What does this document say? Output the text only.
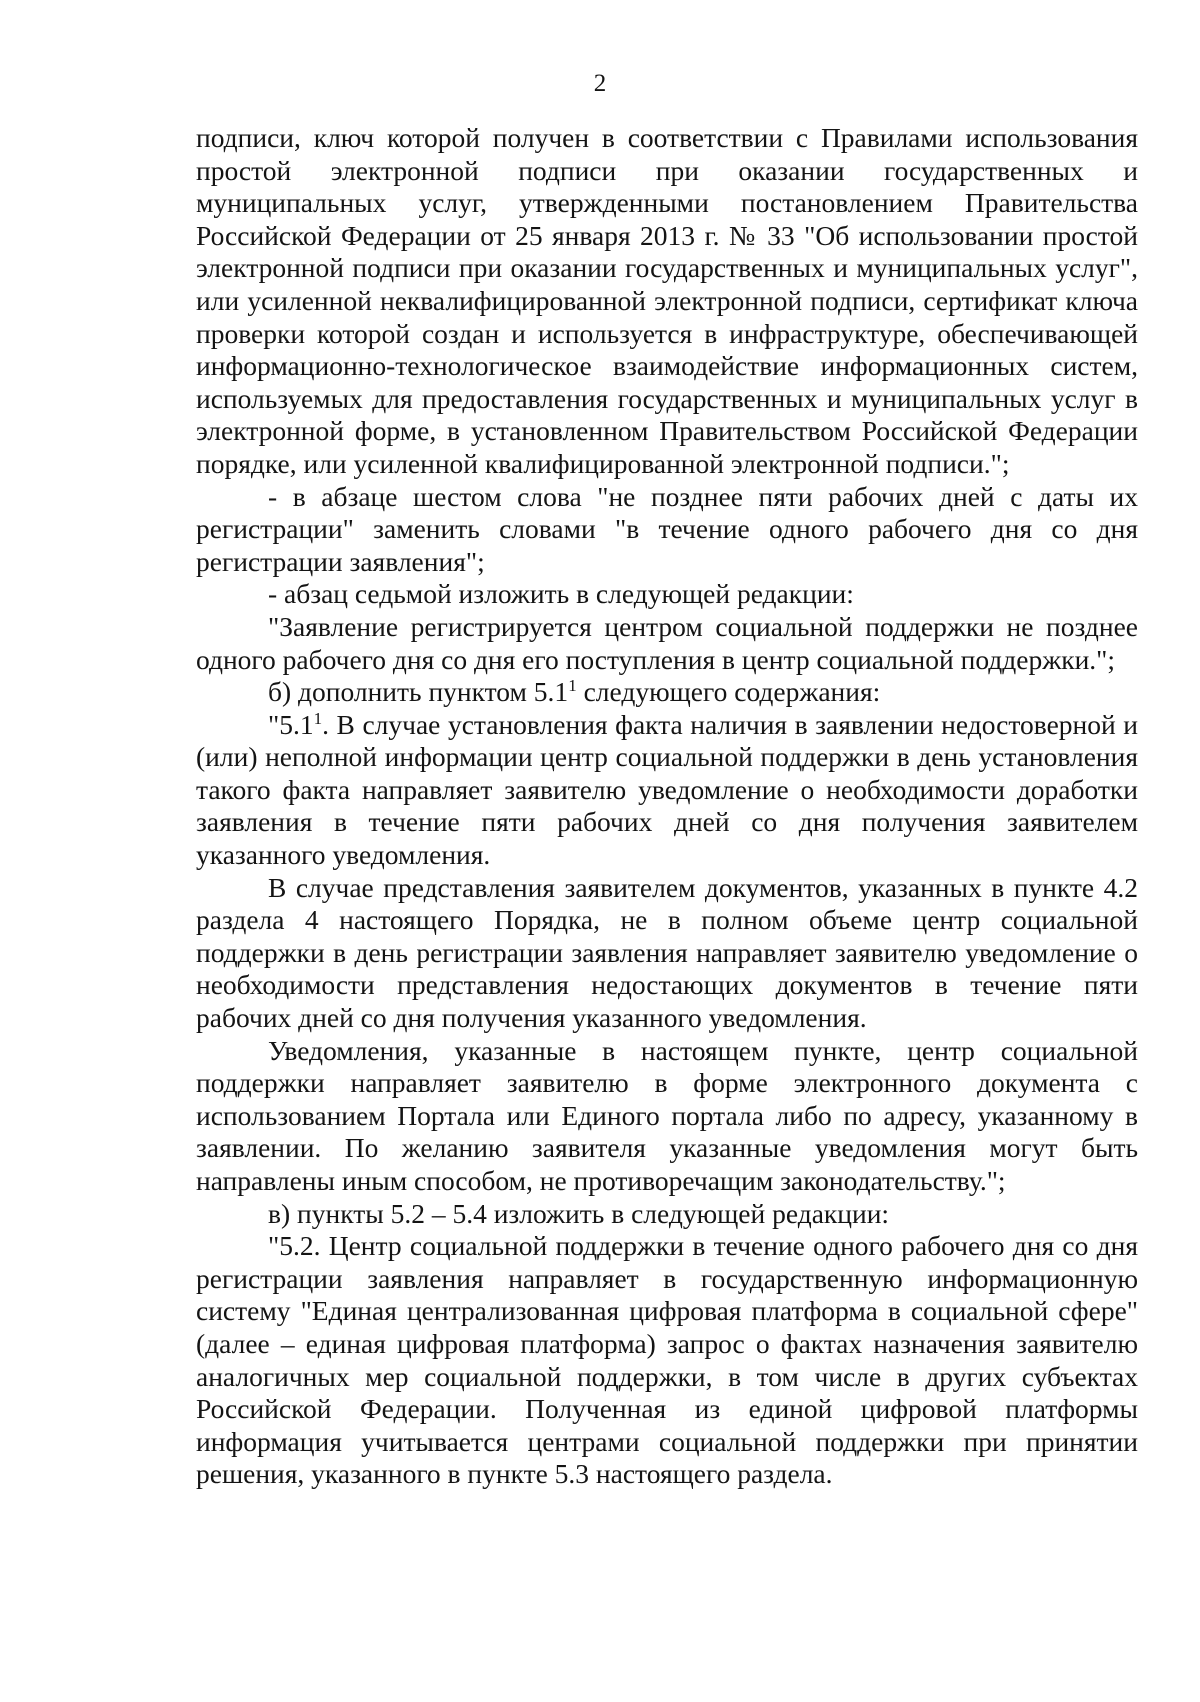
2

подписи, ключ которой получен в соответствии с Правилами использования простой электронной подписи при оказании государственных и муниципальных услуг, утвержденными постановлением Правительства Российской Федерации от 25 января 2013 г. № 33 "Об использовании простой электронной подписи при оказании государственных и муниципальных услуг", или усиленной неквалифицированной электронной подписи, сертификат ключа проверки которой создан и используется в инфраструктуре, обеспечивающей информационно-технологическое взаимодействие информационных систем, используемых для предоставления государственных и муниципальных услуг в электронной форме, в установленном Правительством Российской Федерации порядке, или усиленной квалифицированной электронной подписи.";

- в абзаце шестом слова "не позднее пяти рабочих дней с даты их регистрации" заменить словами "в течение одного рабочего дня со дня регистрации заявления";

- абзац седьмой изложить в следующей редакции:

"Заявление регистрируется центром социальной поддержки не позднее одного рабочего дня со дня его поступления в центр социальной поддержки.";

б) дополнить пунктом $5.1^1$ следующего содержания:

"$5.1^1$. В случае установления факта наличия в заявлении недостоверной и (или) неполной информации центр социальной поддержки в день установления такого факта направляет заявителю уведомление о необходимости доработки заявления в течение пяти рабочих дней со дня получения заявителем указанного уведомления.

В случае представления заявителем документов, указанных в пункте 4.2 раздела 4 настоящего Порядка, не в полном объеме центр социальной поддержки в день регистрации заявления направляет заявителю уведомление о необходимости представления недостающих документов в течение пяти рабочих дней со дня получения указанного уведомления.

Уведомления, указанные в настоящем пункте, центр социальной поддержки направляет заявителю в форме электронного документа с использованием Портала или Единого портала либо по адресу, указанному в заявлении. По желанию заявителя указанные уведомления могут быть направлены иным способом, не противоречащим законодательству.";

в) пункты 5.2 – 5.4 изложить в следующей редакции:

"5.2. Центр социальной поддержки в течение одного рабочего дня со дня регистрации заявления направляет в государственную информационную систему "Единая централизованная цифровая платформа в социальной сфере" (далее – единая цифровая платформа) запрос о фактах назначения заявителю аналогичных мер социальной поддержки, в том числе в других субъектах Российской Федерации. Полученная из единой цифровой платформы информация учитывается центрами социальной поддержки при принятии решения, указанного в пункте 5.3 настоящего раздела.
